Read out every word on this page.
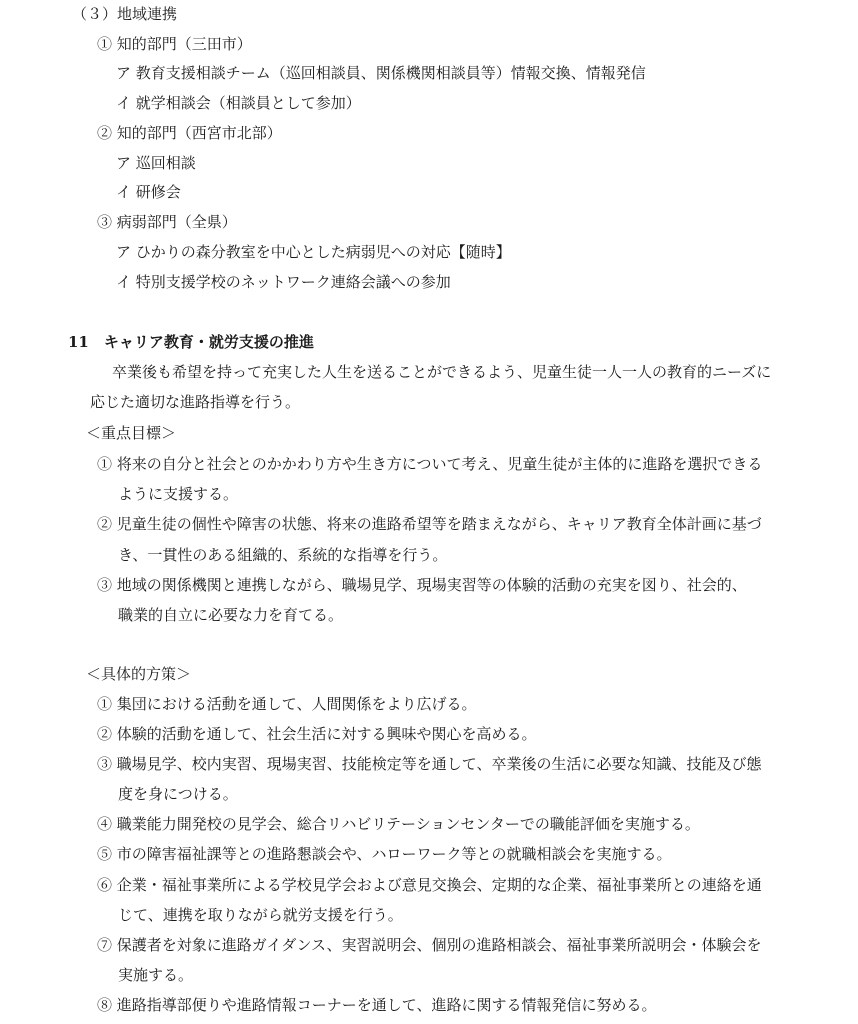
（３）地域連携
① 知的部門（三田市）
ア 教育支援相談チーム（巡回相談員、関係機関相談員等）情報交換、情報発信
イ 就学相談会（相談員として参加）
② 知的部門（西宮市北部）
ア 巡回相談
イ 研修会
③ 病弱部門（全県）
ア ひかりの森分教室を中心とした病弱児への対応【随時】
イ 特別支援学校のネットワーク連絡会議への参加
11　キャリア教育・就労支援の推進
卒業後も希望を持って充実した人生を送ることができるよう、児童生徒一人一人の教育的ニーズに
応じた適切な進路指導を行う。
＜重点目標＞
① 将来の自分と社会とのかかわり方や生き方について考え、児童生徒が主体的に進路を選択できる
ように支援する。
② 児童生徒の個性や障害の状態、将来の進路希望等を踏まえながら、キャリア教育全体計画に基づ
き、一貫性のある組織的、系統的な指導を行う。
③ 地域の関係機関と連携しながら、職場見学、現場実習等の体験的活動の充実を図り、社会的、
職業的自立に必要な力を育てる。
＜具体的方策＞
① 集団における活動を通して、人間関係をより広げる。
② 体験的活動を通して、社会生活に対する興味や関心を高める。
③ 職場見学、校内実習、現場実習、技能検定等を通して、卒業後の生活に必要な知識、技能及び態
度を身につける。
④ 職業能力開発校の見学会、総合リハビリテーションセンターでの職能評価を実施する。
⑤ 市の障害福祉課等との進路懇談会や、ハローワーク等との就職相談会を実施する。
⑥ 企業・福祉事業所による学校見学会および意見交換会、定期的な企業、福祉事業所との連絡を通
じて、連携を取りながら就労支援を行う。
⑦ 保護者を対象に進路ガイダンス、実習説明会、個別の進路相談会、福祉事業所説明会・体験会を
実施する。
⑧ 進路指導部便りや進路情報コーナーを通して、進路に関する情報発信に努める。
